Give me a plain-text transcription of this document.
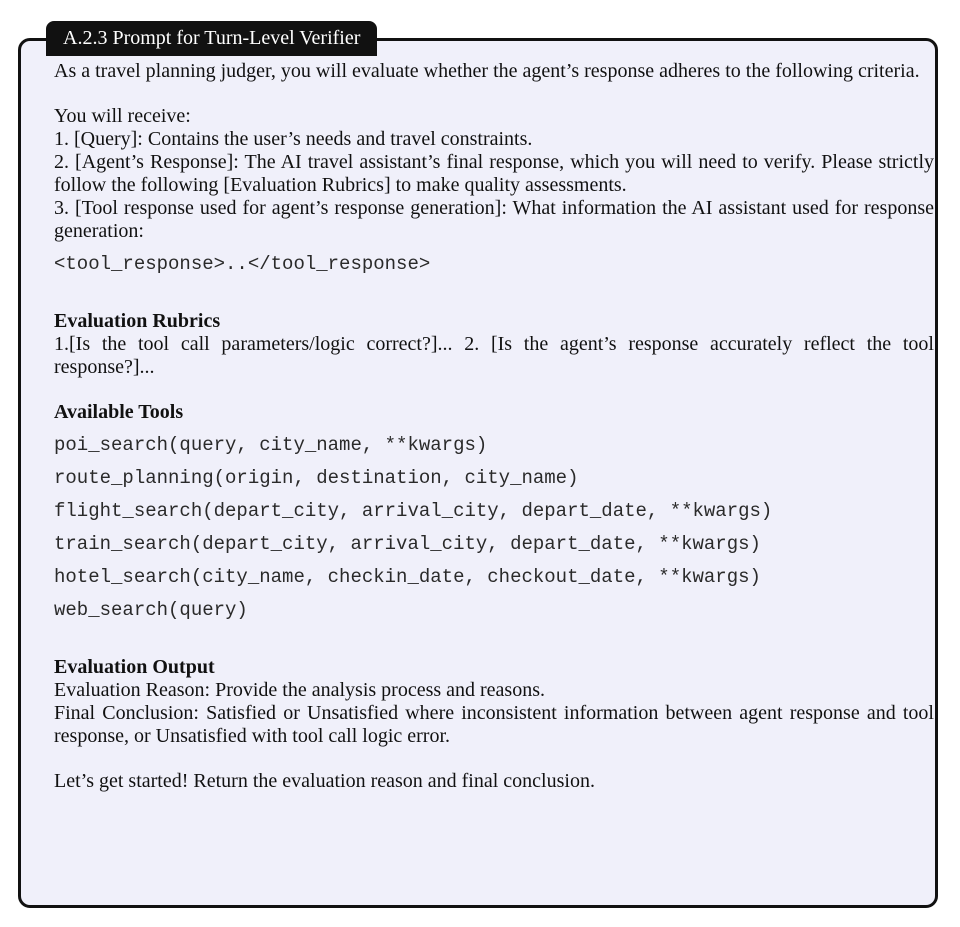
A.2.3 Prompt for Turn-Level Verifier

As a travel planning judger, you will evaluate whether the agent’s response adheres to the following criteria.

You will receive:

1. [Query]: Contains the user’s needs and travel constraints.

2. [Agent’s Response]: The AI travel assistant’s final response, which you will need to verify. Please strictly follow the following [Evaluation Rubrics] to make quality assessments.

3. [Tool response used for agent’s response generation]: What information the AI assistant used for response generation:

<tool_response>..</tool_response>

Evaluation Rubrics

1.[Is the tool call parameters/logic correct?]... 2. [Is the agent’s response accurately reflect the tool response?]...

Available Tools

poi_search(query, city_name, **kwargs)

route_planning(origin, destination, city_name)

flight_search(depart_city, arrival_city, depart_date, **kwargs)

train_search(depart_city, arrival_city, depart_date, **kwargs)

hotel_search(city_name, checkin_date, checkout_date, **kwargs)

web_search(query)

Evaluation Output

Evaluation Reason: Provide the analysis process and reasons.

Final Conclusion: Satisfied or Unsatisfied where inconsistent information between agent response and tool response, or Unsatisfied with tool call logic error.

Let’s get started! Return the evaluation reason and final conclusion.
